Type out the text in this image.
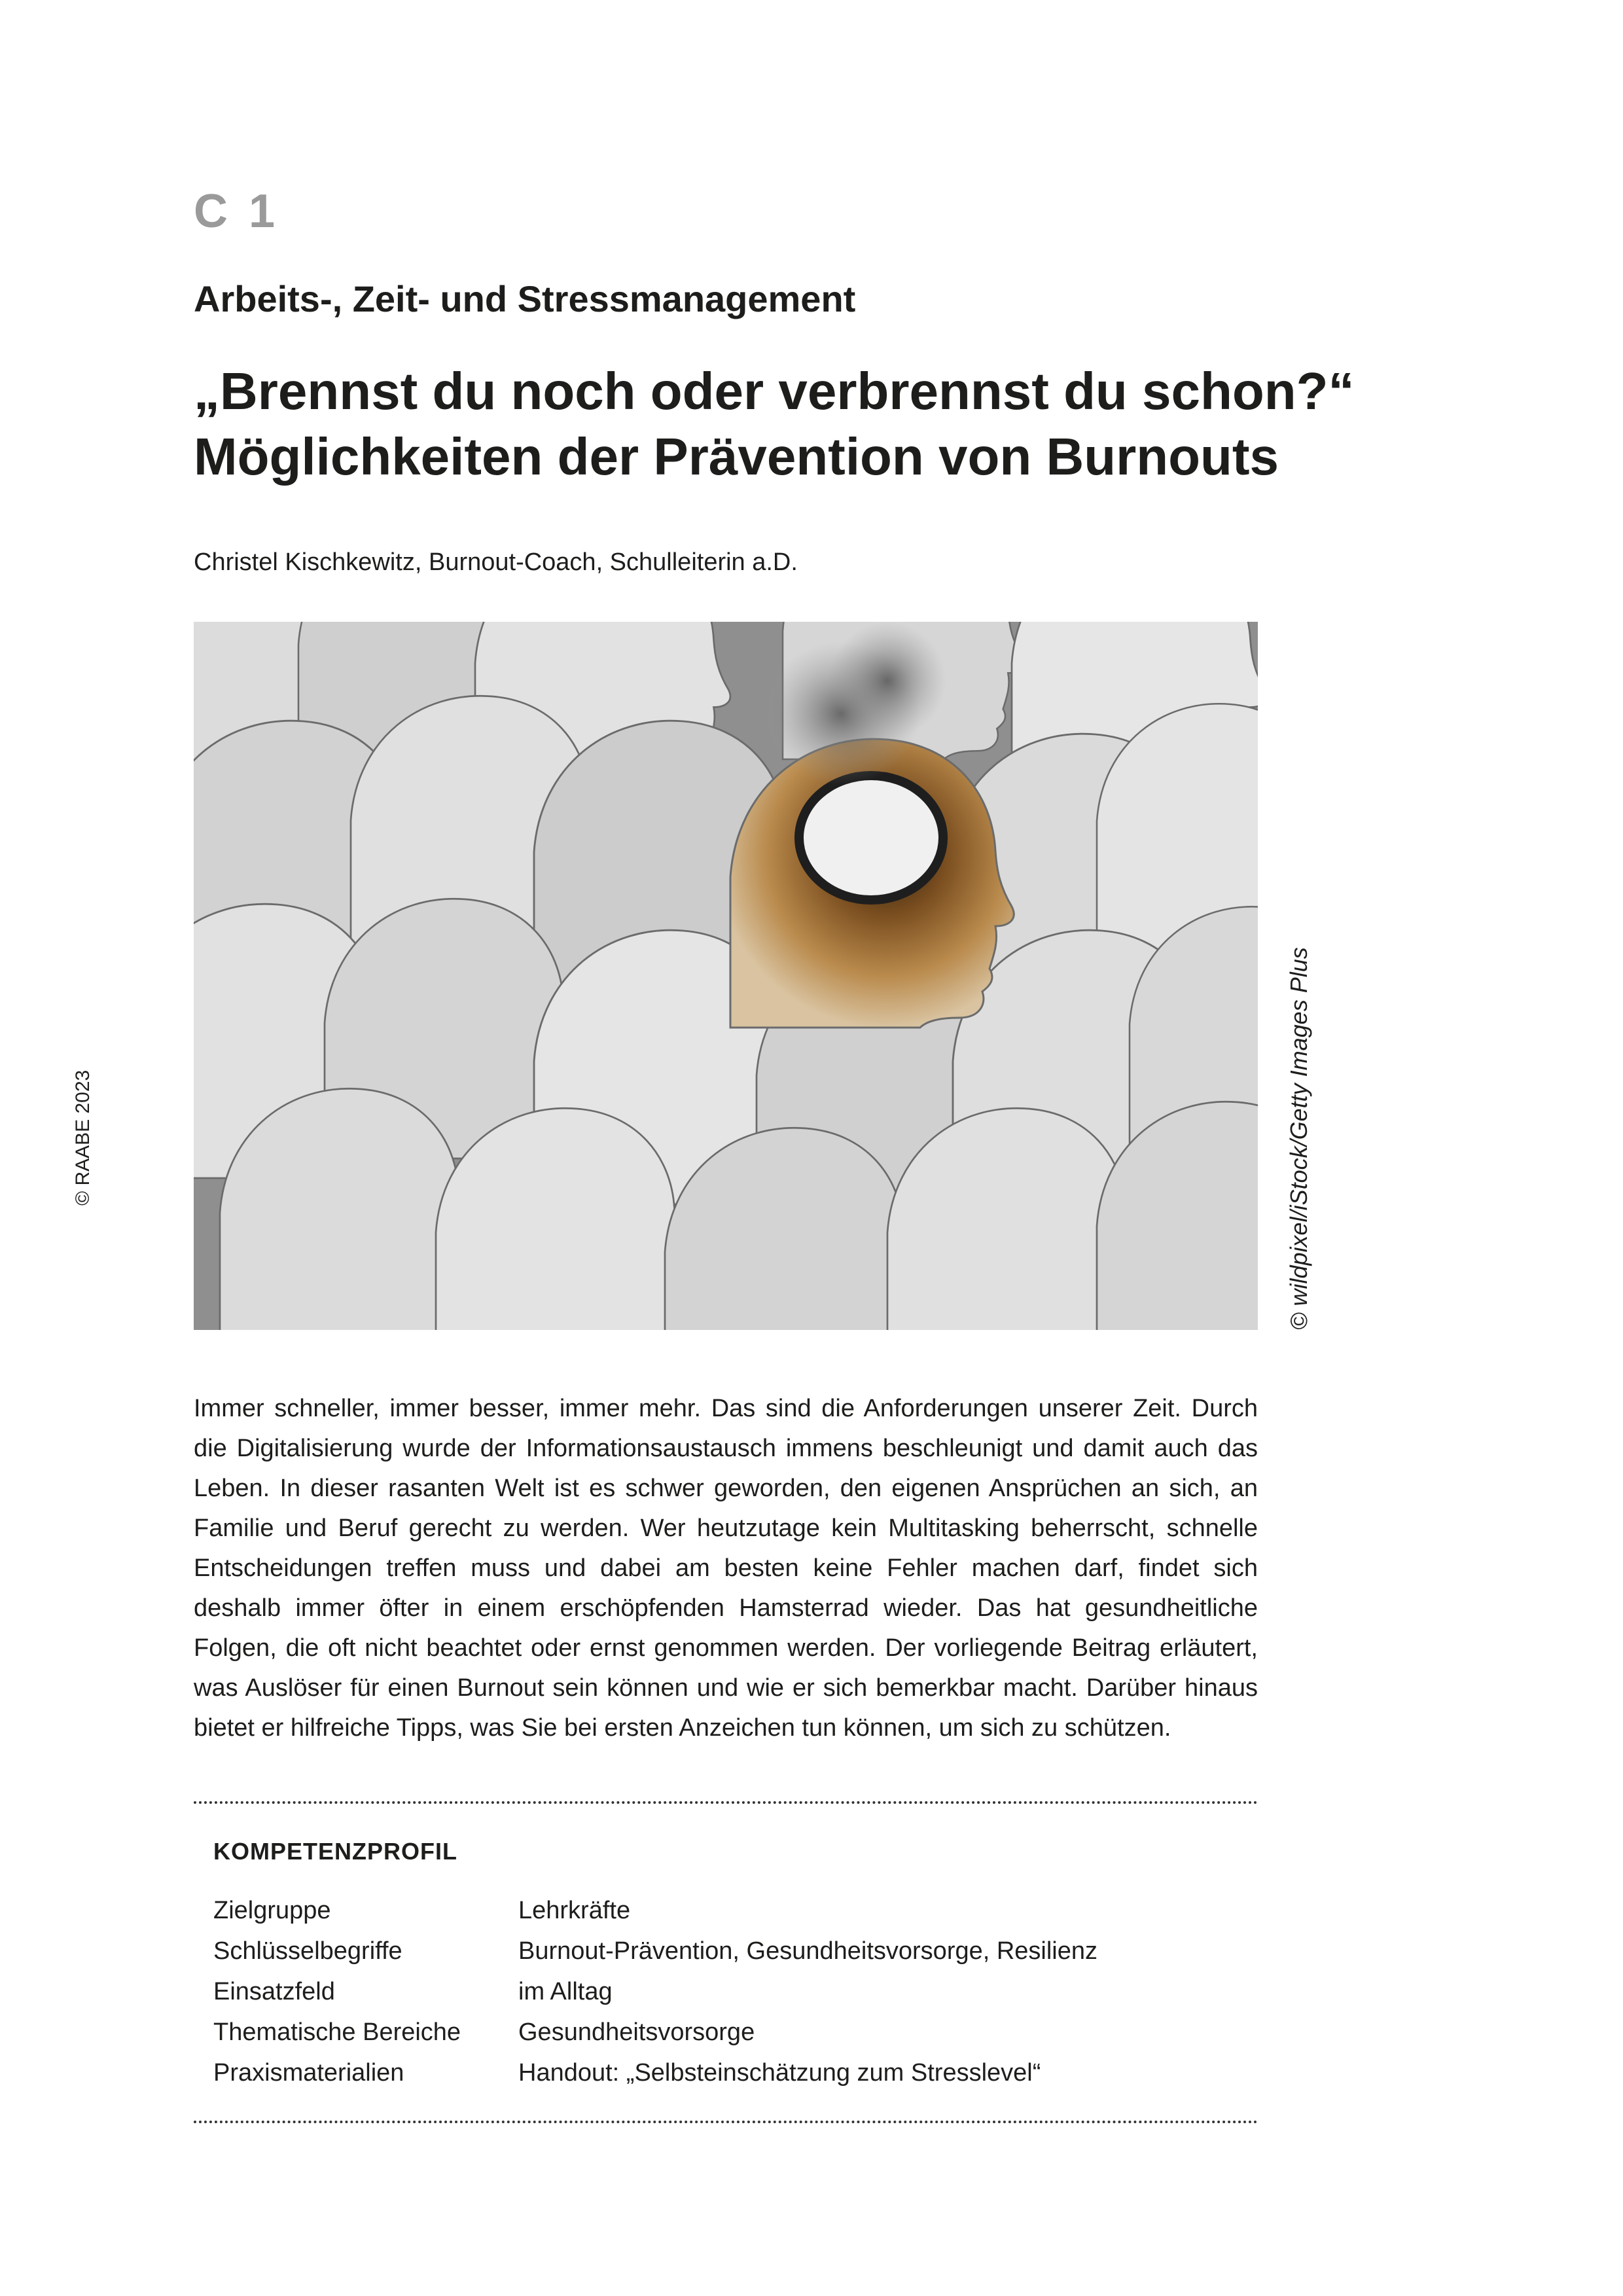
C 1
Arbeits-, Zeit- und Stressmanagement
„Brennst du noch oder verbrennst du schon?“
Möglichkeiten der Prävention von Burnouts
Christel Kischkewitz, Burnout-Coach, Schulleiterin a.D.
© wildpixel/iStock/Getty Images Plus
© RAABE 2023

Immer schneller, immer besser, immer mehr. Das sind die Anforderungen unserer Zeit. Durch die Digitalisierung wurde der Informationsaustausch immens beschleunigt und damit auch das Leben. In dieser rasanten Welt ist es schwer geworden, den eigenen Ansprüchen an sich, an Familie und Beruf gerecht zu werden. Wer heutzutage kein Multitasking beherrscht, schnelle Entscheidungen treffen muss und dabei am besten keine Fehler machen darf, findet sich deshalb immer öfter in einem erschöpfenden Hamsterrad wieder. Das hat gesundheitliche Folgen, die oft nicht beachtet oder ernst genommen werden. Der vorliegende Beitrag erläutert, was Auslöser für einen Burnout sein können und wie er sich bemerkbar macht. Darüber hinaus bietet er hilfreiche Tipps, was Sie bei ersten Anzeichen tun können, um sich zu schützen.

KOMPETENZPROFIL
Zielgruppe	Lehrkräfte
Schlüsselbegriffe	Burnout-Prävention, Gesundheitsvorsorge, Resilienz
Einsatzfeld	im Alltag
Thematische Bereiche	Gesundheitsvorsorge
Praxismaterialien	Handout: „Selbsteinschätzung zum Stresslevel“
